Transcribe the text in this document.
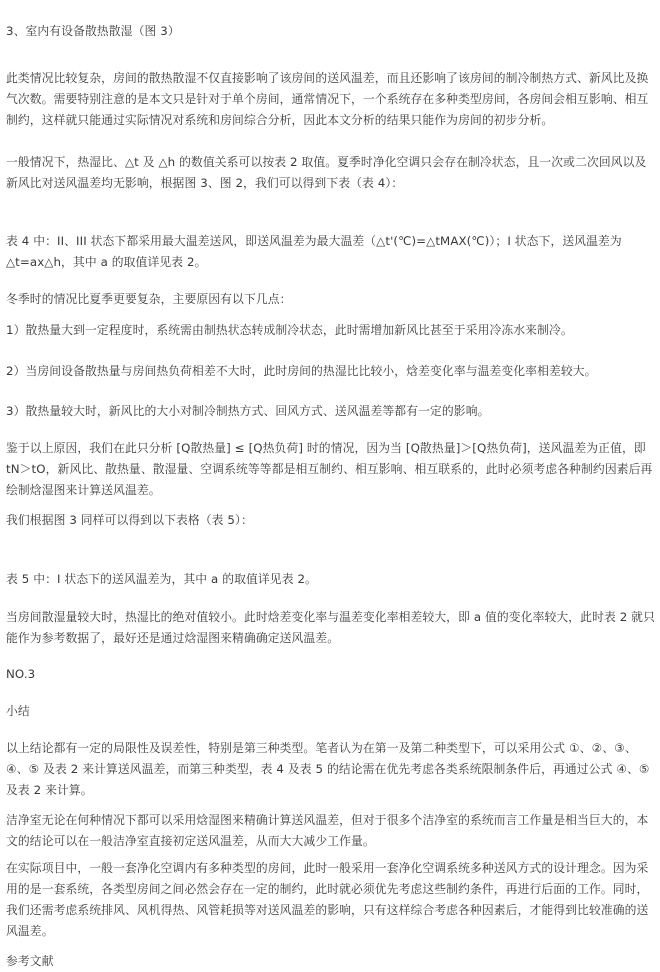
3、室内有设备散热散湿（图 3）

此类情况比较复杂，房间的散热散湿不仅直接影响了该房间的送风温差，而且还影响了该房间的制冷制热方式、新风比及换气次数。需要特别注意的是本文只是针对于单个房间，通常情况下，一个系统存在多种类型房间，各房间会相互影响、相互制约，这样就只能通过实际情况对系统和房间综合分析，因此本文分析的结果只能作为房间的初步分析。

一般情况下，热湿比、△t 及 △h 的数值关系可以按表 2 取值。夏季时净化空调只会存在制冷状态，且一次或二次回风以及新风比对送风温差均无影响，根据图 3、图 2，我们可以得到下表（表 4）：

表 4 中：II、III 状态下都采用最大温差送风，即送风温差为最大温差（△t'(℃)=△tMAX(℃)）；I 状态下，送风温差为△t=ax△h，其中 a 的取值详见表 2。

冬季时的情况比夏季更要复杂，主要原因有以下几点：

1）散热量大到一定程度时，系统需由制热状态转成制冷状态，此时需增加新风比甚至于采用冷冻水来制冷。

2）当房间设备散热量与房间热负荷相差不大时，此时房间的热湿比比较小，焓差变化率与温差变化率相差较大。

3）散热量较大时，新风比的大小对制冷制热方式、回风方式、送风温差等都有一定的影响。

鉴于以上原因，我们在此只分析 [Q散热量] ≤ [Q热负荷] 时的情况，因为当 [Q散热量]＞[Q热负荷]，送风温差为正值，即 tN＞tO，新风比、散热量、散湿量、空调系统等等都是相互制约、相互影响、相互联系的，此时必须考虑各种制约因素后再绘制焓湿图来计算送风温差。

我们根据图 3 同样可以得到以下表格（表 5）：

表 5 中：I 状态下的送风温差为，其中 a 的取值详见表 2。

当房间散湿量较大时，热湿比的绝对值较小。此时焓差变化率与温差变化率相差较大，即 a 值的变化率较大，此时表 2 就只能作为参考数据了，最好还是通过焓湿图来精确确定送风温差。

NO.3

小结

以上结论都有一定的局限性及误差性，特别是第三种类型。笔者认为在第一及第二种类型下，可以采用公式 ①、②、③、④、⑤ 及表 2 来计算送风温差，而第三种类型，表 4 及表 5 的结论需在优先考虑各类系统限制条件后，再通过公式 ④、⑤ 及表 2 来计算。

洁净室无论在何种情况下都可以采用焓湿图来精确计算送风温差，但对于很多个洁净室的系统而言工作量是相当巨大的，本文的结论可以在一般洁净室直接初定送风温差，从而大大减少工作量。

在实际项目中，一般一套净化空调内有多种类型的房间，此时一般采用一套净化空调系统多种送风方式的设计理念。因为采用的是一套系统，各类型房间之间必然会存在一定的制约，此时就必须优先考虑这些制约条件，再进行后面的工作。同时，我们还需考虑系统排风、风机得热、风管耗损等对送风温差的影响，只有这样综合考虑各种因素后，才能得到比较准确的送风温差。

参考文献
